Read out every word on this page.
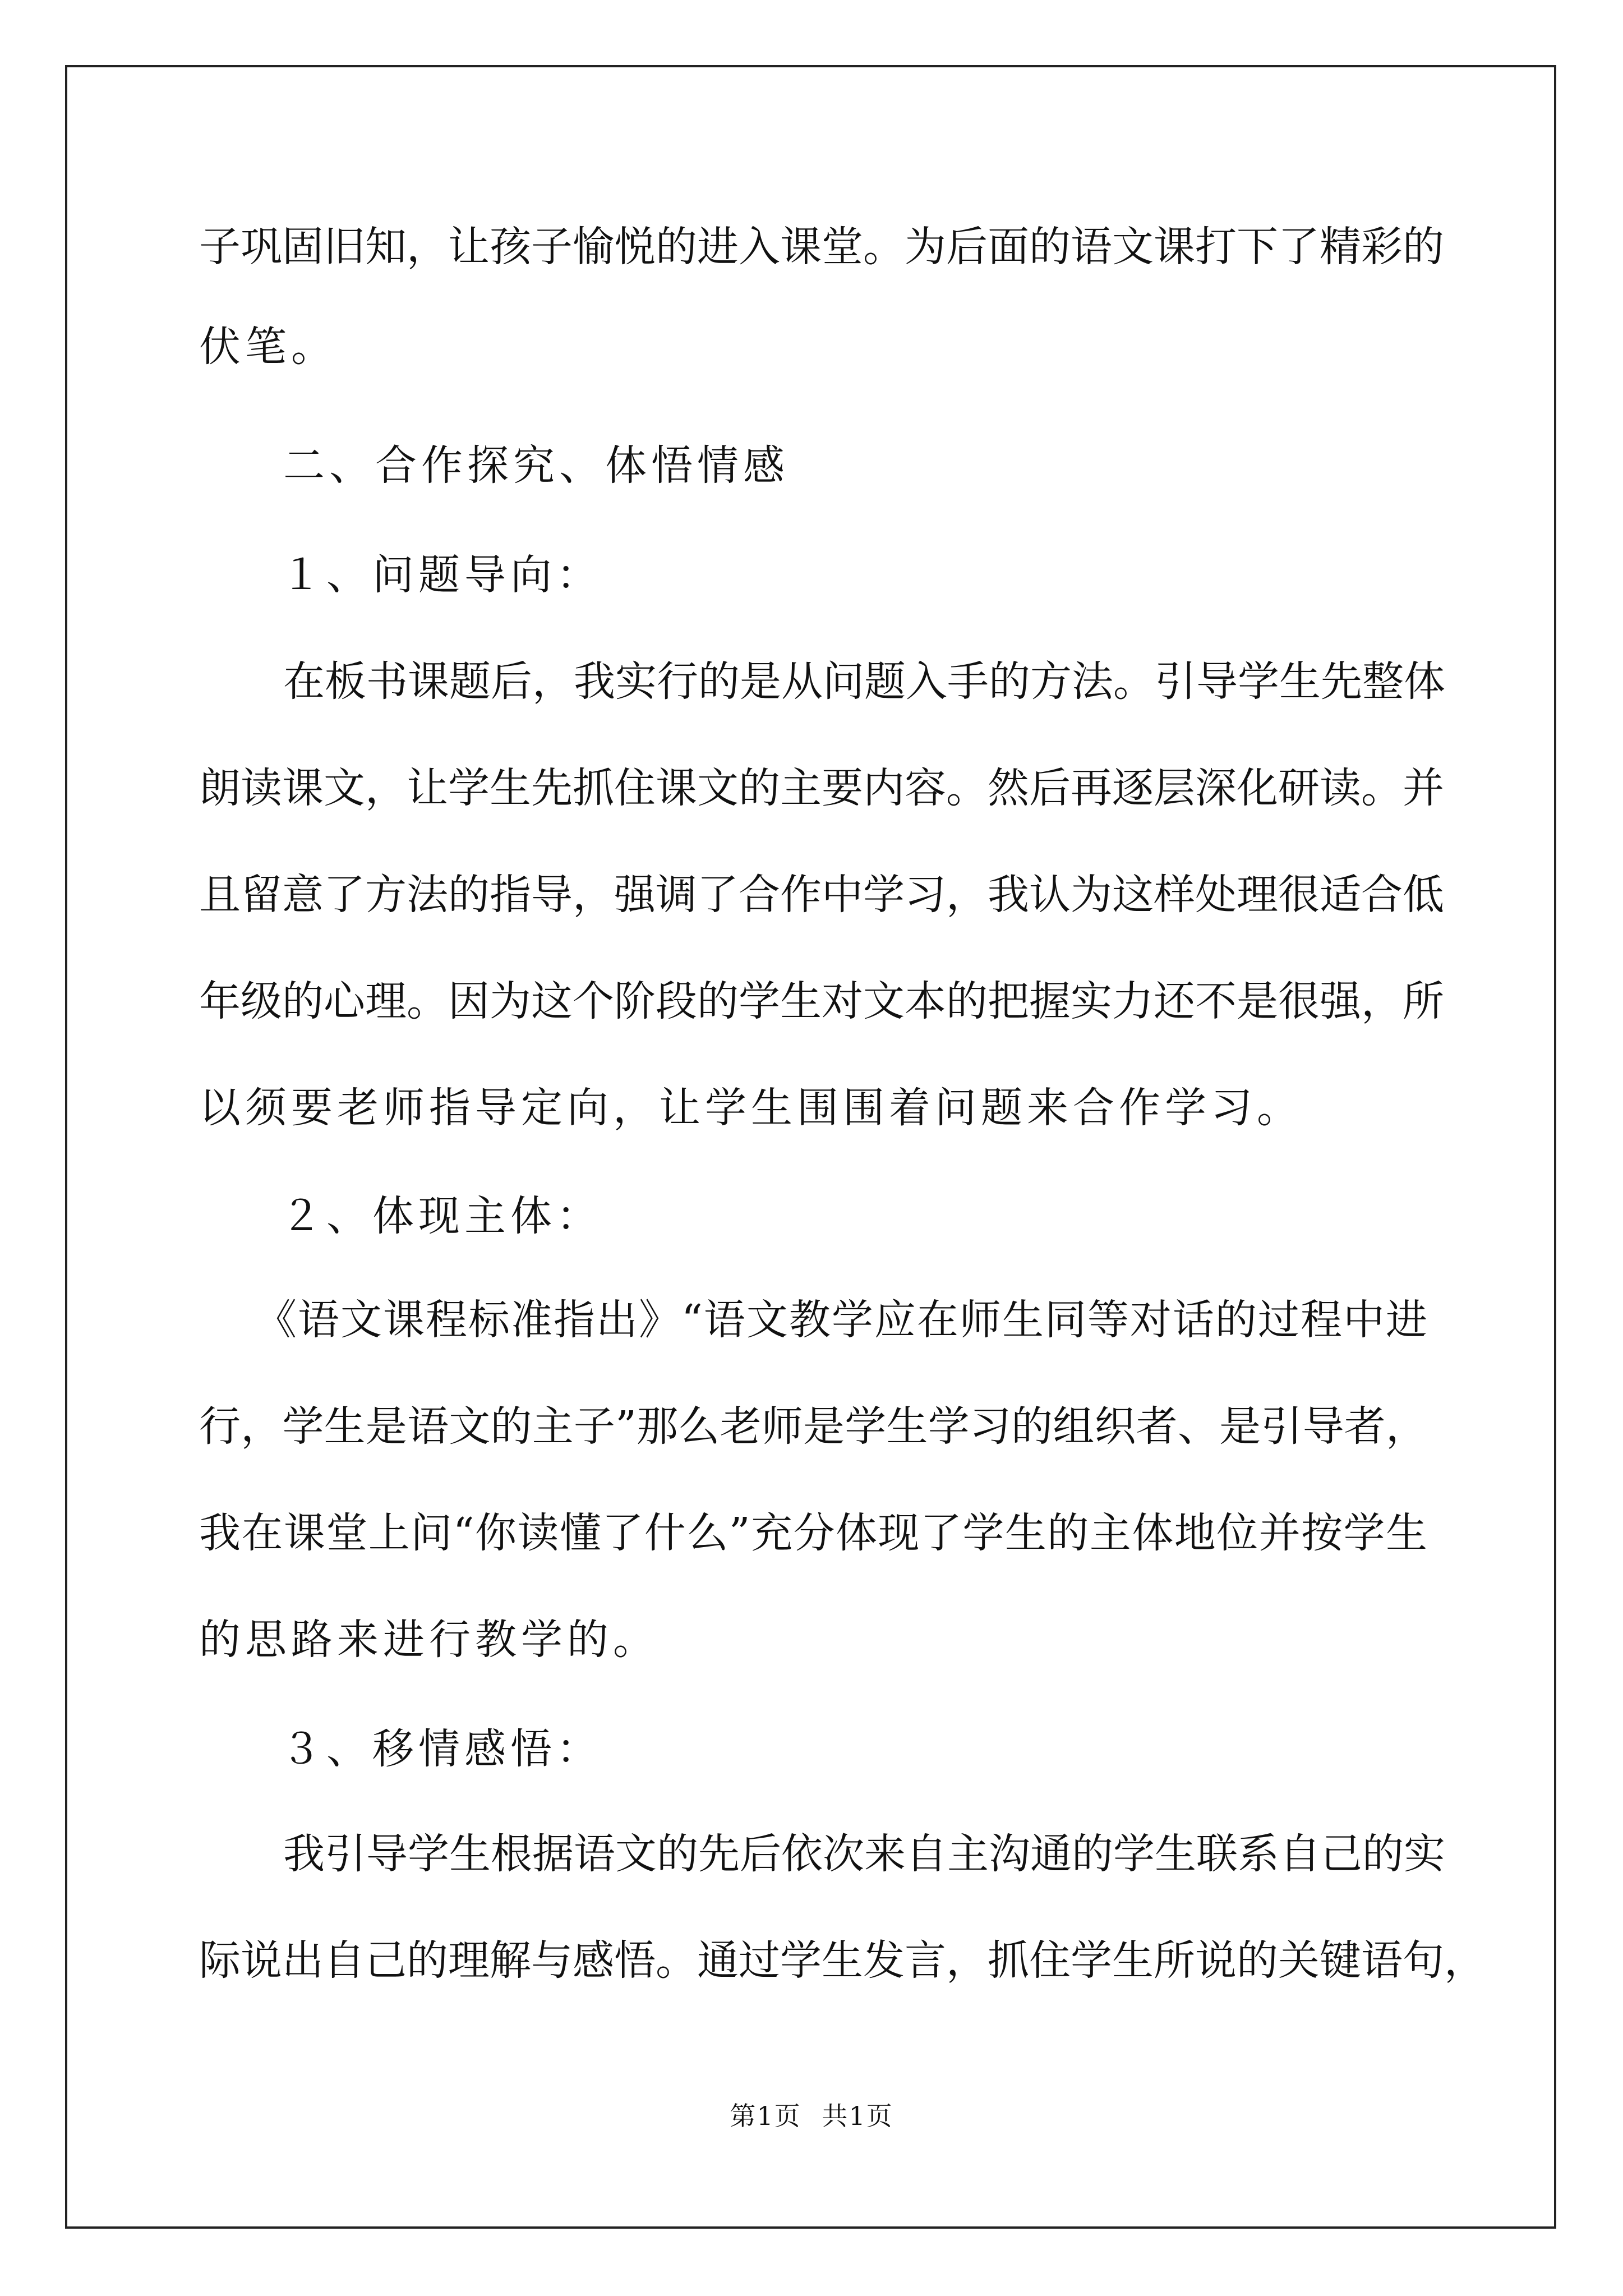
子巩固旧知，让孩子愉悦的进入课堂。为后面的语文课打下了精彩的

伏笔。

二、合作探究、体悟情感

１、问题导向：

在板书课题后，我实行的是从问题入手的方法。引导学生先整体

朗读课文，让学生先抓住课文的主要内容。然后再逐层深化研读。并

且留意了方法的指导，强调了合作中学习，我认为这样处理很适合低

年级的心理。因为这个阶段的学生对文本的把握实力还不是很强，所

以须要老师指导定向，让学生围围着问题来合作学习。

２、体现主体：

《语文课程标准指出》“语文教学应在师生同等对话的过程中进

行，学生是语文的主子”那么老师是学生学习的组织者、是引导者，

我在课堂上问“你读懂了什么”充分体现了学生的主体地位并按学生

的思路来进行教学的。

３、移情感悟：

我引导学生根据语文的先后依次来自主沟通的学生联系自己的实

际说出自己的理解与感悟。通过学生发言，抓住学生所说的关键语句，

第1页 共1页
